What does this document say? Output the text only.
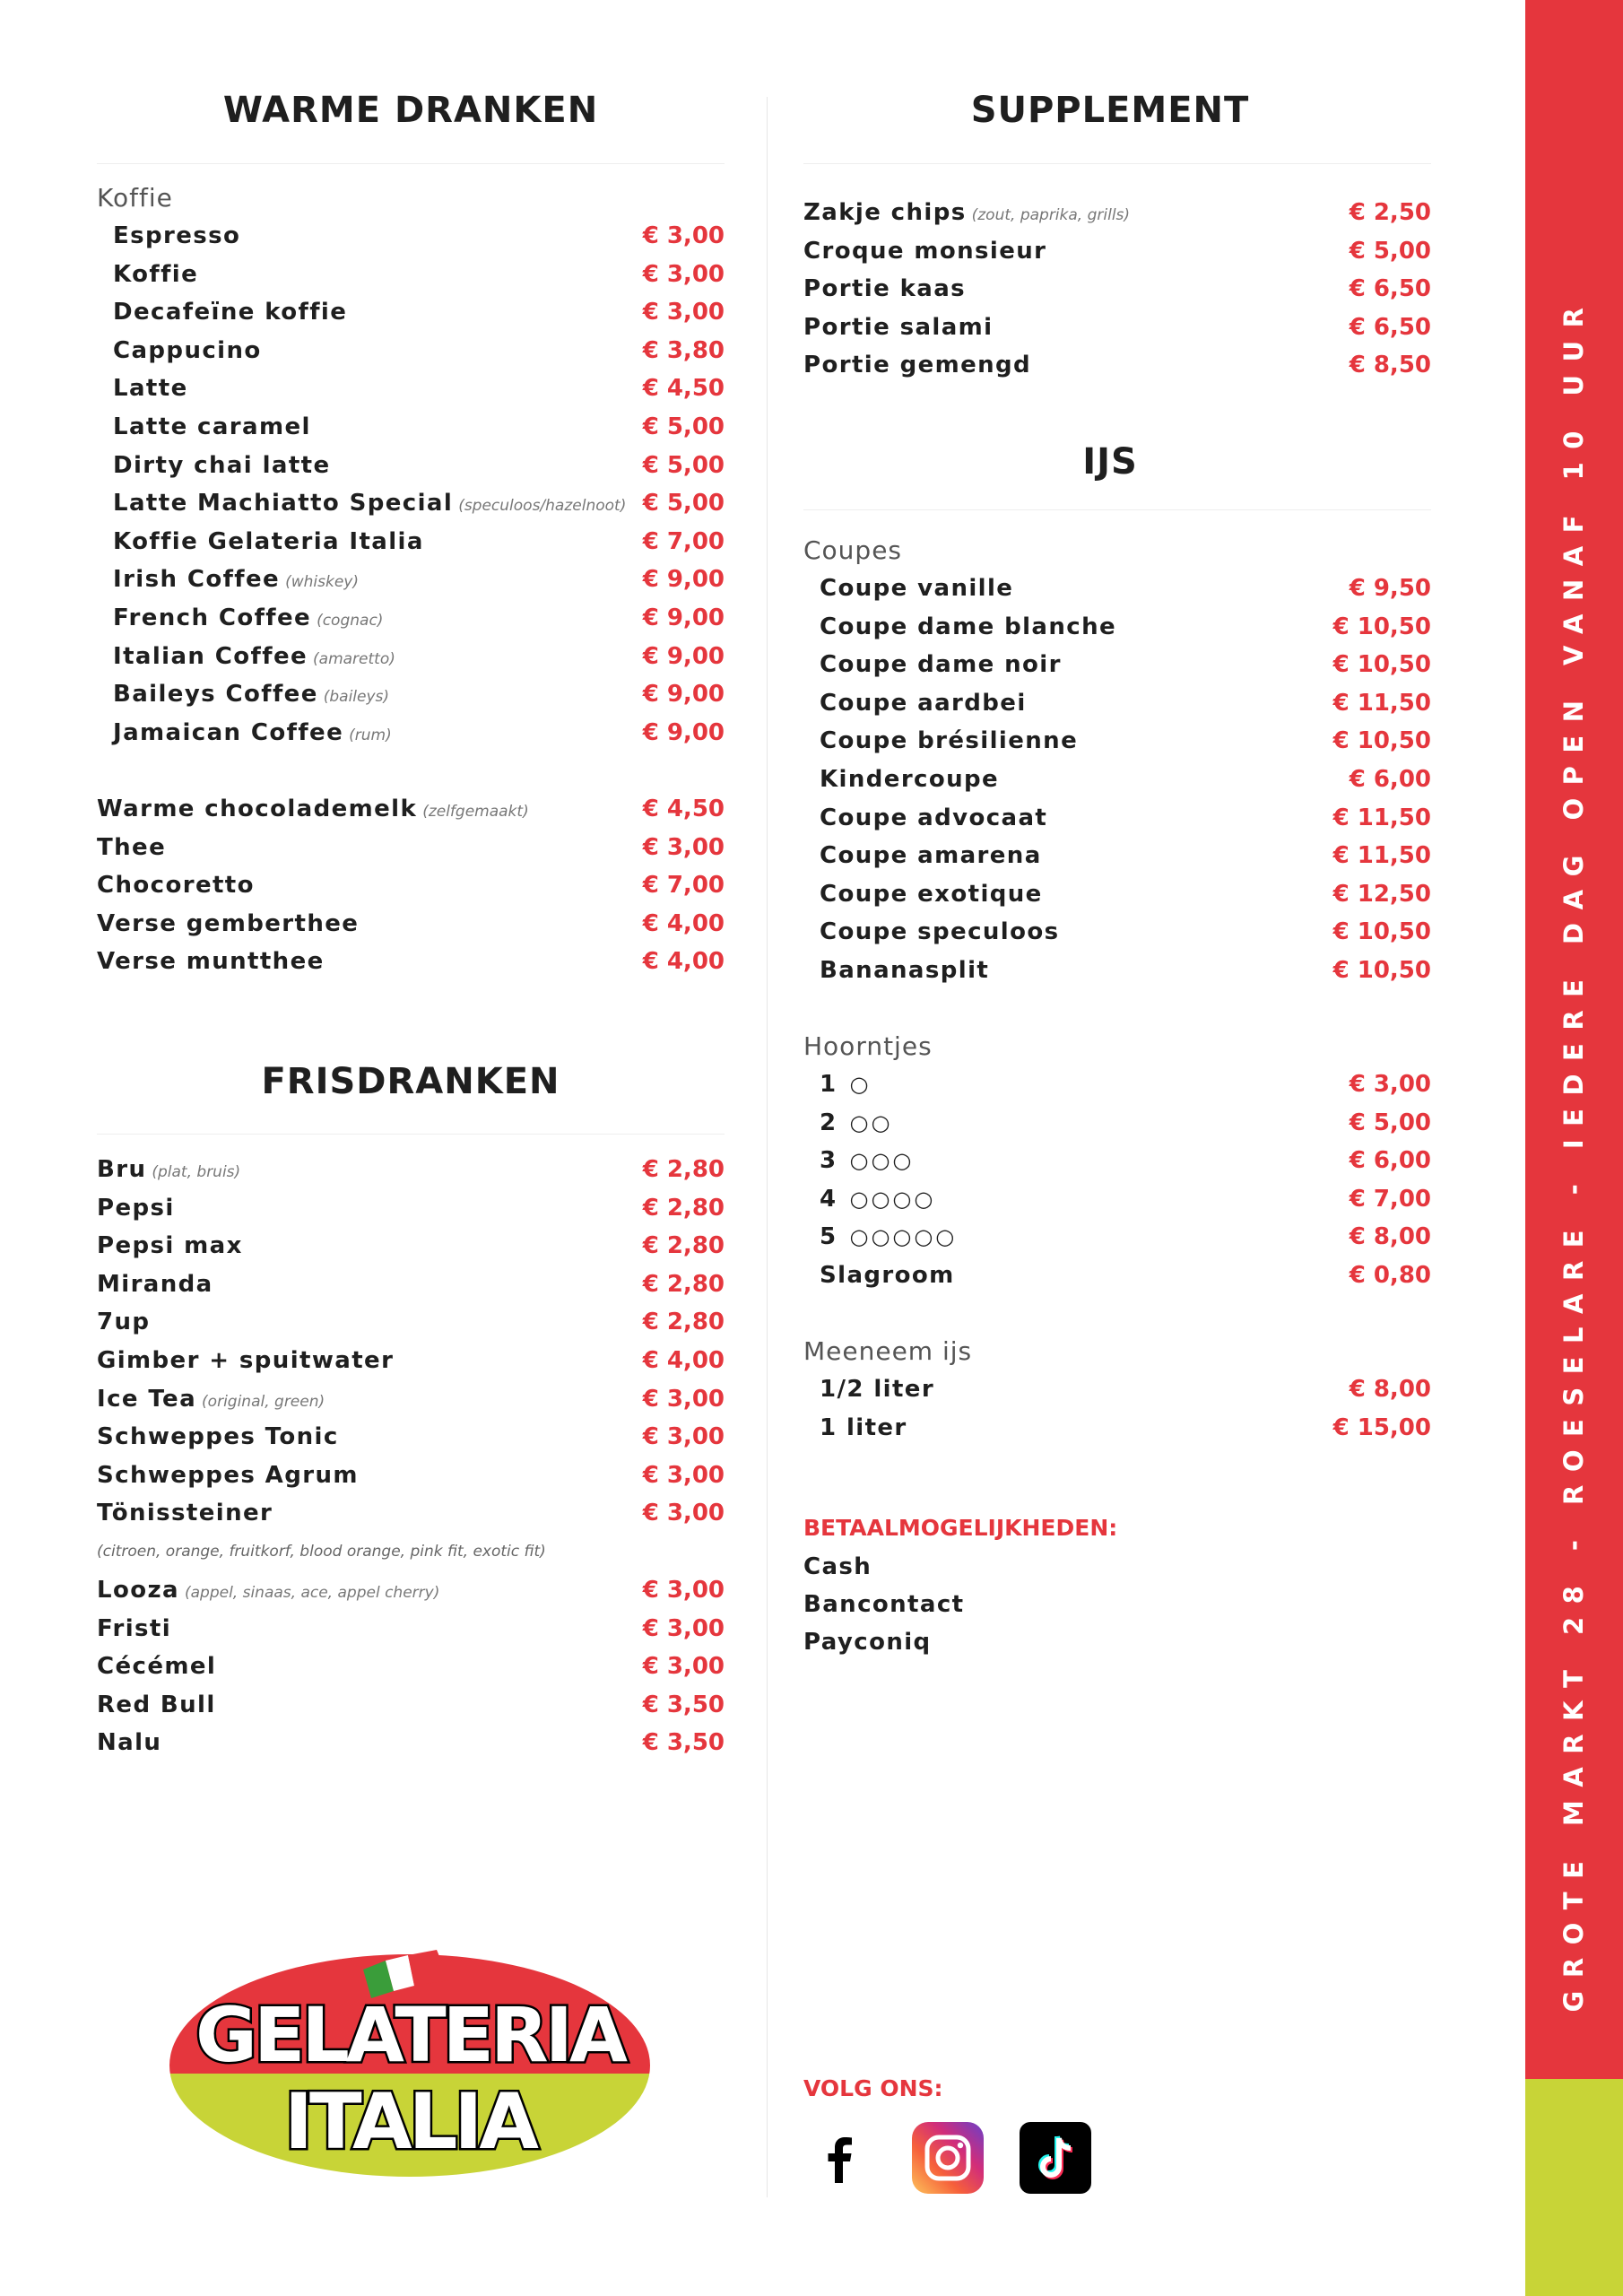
GROTE MARKT 28 - ROESELARE - IEDERE DAG OPEN VANAF 10 UUR
WARME DRANKEN
Koffie
Espresso	€ 3,00
Koffie	€ 3,00
Decafeïne koffie	€ 3,00
Cappucino	€ 3,80
Latte	€ 4,50
Latte caramel	€ 5,00
Dirty chai latte	€ 5,00
Latte Machiatto Special (speculoos/hazelnoot) € 5,00
Koffie Gelateria Italia	€ 7,00
Irish Coffee (whiskey)	€ 9,00
French Coffee (cognac)	€ 9,00
Italian Coffee (amaretto)	€ 9,00
Baileys Coffee (baileys)	€ 9,00
Jamaican Coffee (rum)	€ 9,00
Warme chocolademelk (zelfgemaakt)	€ 4,50
Thee	€ 3,00
Chocoretto	€ 7,00
Verse gemberthee	€ 4,00
Verse muntthee	€ 4,00
FRISDRANKEN
Bru (plat, bruis)	€ 2,80
Pepsi	€ 2,80
Pepsi max	€ 2,80
Miranda	€ 2,80
7up	€ 2,80
Gimber + spuitwater	€ 4,00
Ice Tea (original, green)	€ 3,00
Schweppes Tonic	€ 3,00
Schweppes Agrum	€ 3,00
Tönissteiner	€ 3,00
(citroen, orange, fruitkorf, blood orange, pink fit, exotic fit)
Looza (appel, sinaas, ace, appel cherry)	€ 3,00
Fristi	€ 3,00
Cécémel	€ 3,00
Red Bull	€ 3,50
Nalu	€ 3,50
SUPPLEMENT
Zakje chips (zout, paprika, grills)	€ 2,50
Croque monsieur	€ 5,00
Portie kaas	€ 6,50
Portie salami	€ 6,50
Portie gemengd	€ 8,50
IJS
Coupes
Coupe vanille	€ 9,50
Coupe dame blanche	€ 10,50
Coupe dame noir	€ 10,50
Coupe aardbei	€ 11,50
Coupe brésilienne	€ 10,50
Kindercoupe	€ 6,00
Coupe advocaat	€ 11,50
Coupe amarena	€ 11,50
Coupe exotique	€ 12,50
Coupe speculoos	€ 10,50
Bananasplit	€ 10,50
Hoorntjes
1 ○	€ 3,00
2 ○○	€ 5,00
3 ○○○	€ 6,00
4 ○○○○	€ 7,00
5 ○○○○○	€ 8,00
Slagroom	€ 0,80
Meeneem ijs
1/2 liter	€ 8,00
1 liter	€ 15,00
BETAALMOGELIJKHEDEN:
Cash
Bancontact
Payconiq
VOLG ONS:
GELATERIA
ITALIA
